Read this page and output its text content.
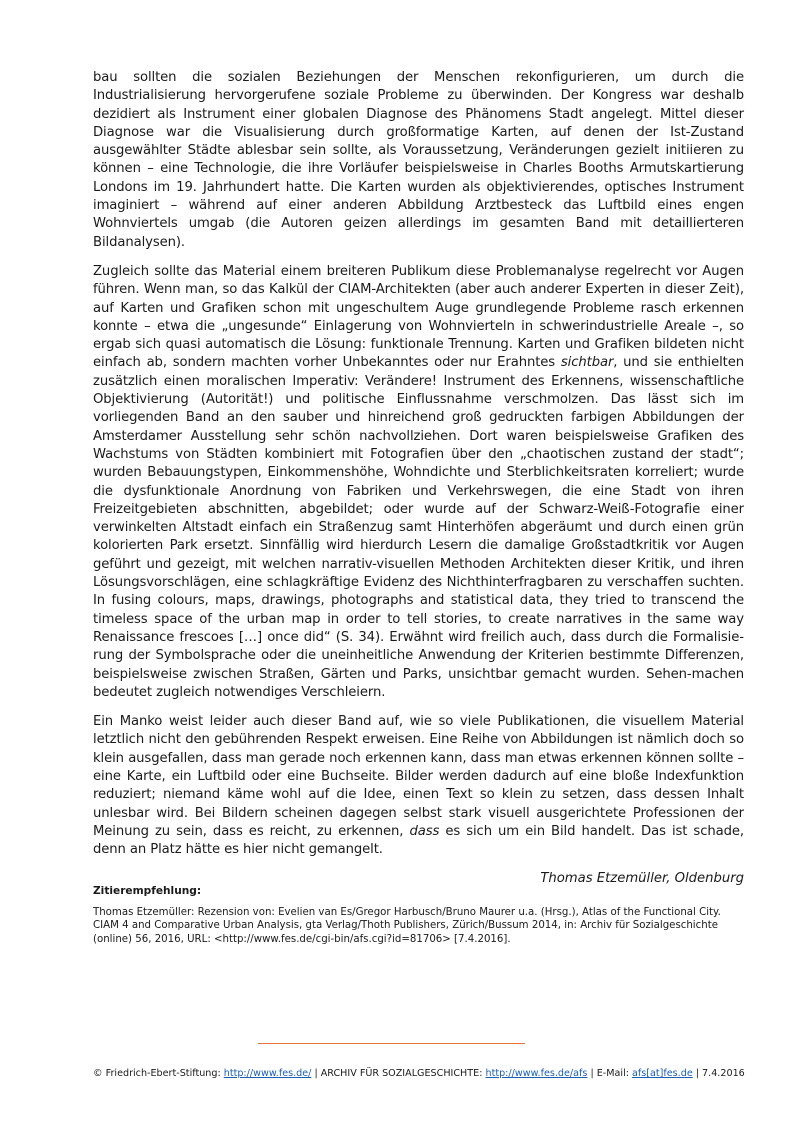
bau sollten die sozialen Beziehungen der Menschen rekonfigurieren, um durch die Industrialisierung hervorgerufene soziale Probleme zu überwinden. Der Kongress war deshalb dezidiert als Instrument einer globalen Diagnose des Phänomens Stadt angelegt. Mittel dieser Diagnose war die Visualisierung durch großformatige Karten, auf denen der Ist-Zustand ausgewählter Städte ablesbar sein sollte, als Voraussetzung, Veränderungen gezielt initiieren zu können – eine Technologie, die ihre Vorläufer beispielsweise in Charles Booths Armutskartierung Londons im 19. Jahrhundert hatte. Die Karten wurden als objektivierendes, optisches Instrument imaginiert – während auf einer anderen Abbildung Arztbesteck das Luftbild eines engen Wohnviertels umgab (die Autoren geizen allerdings im gesamten Band mit detaillierteren Bildanalysen).

Zugleich sollte das Material einem breiteren Publikum diese Problemanalyse regelrecht vor Augen führen. Wenn man, so das Kalkül der CIAM-Architekten (aber auch anderer Experten in dieser Zeit), auf Karten und Grafiken schon mit ungeschultem Auge grundlegende Probleme rasch erkennen konnte – etwa die „ungesunde“ Einlagerung von Wohnvierteln in schwerindustrielle Areale –, so ergab sich quasi automatisch die Lösung: funktionale Trennung. Karten und Grafiken bildeten nicht einfach ab, sondern machten vorher Unbekanntes oder nur Erahntes sichtbar, und sie enthielten zusätzlich einen moralischen Imperativ: Verändere! Instrument des Erkennens, wissenschaftliche Objektivierung (Autorität!) und politische Einflussnahme verschmolzen. Das lässt sich im vorliegenden Band an den sauber und hinreichend groß gedruckten farbigen Abbildungen der Amsterdamer Ausstellung sehr schön nachvollziehen. Dort waren beispielsweise Grafiken des Wachstums von Städten kombiniert mit Fotografien über den „chaotischen zustand der stadt“; wurden Bebauungstypen, Einkommenshöhe, Wohndichte und Sterblichkeitsraten korreliert; wurde die dysfunktionale Anordnung von Fabriken und Verkehrswegen, die eine Stadt von ihren Freizeitgebieten abschnitten, abgebildet; oder wurde auf der Schwarz-Weiß-Fotografie einer verwinkelten Altstadt einfach ein Straßenzug samt Hinterhöfen abgeräumt und durch einen grün kolorierten Park ersetzt. Sinnfällig wird hierdurch Lesern die damalige Großstadtkritik vor Augen geführt und gezeigt, mit welchen narrativ-visuellen Methoden Architekten dieser Kritik, und ihren Lösungsvorschlägen, eine schlagkräftige Evidenz des Nichthinterfragbaren zu verschaffen suchten. In fusing colours, maps, drawings, photographs and statistical data, they tried to transcend the timeless space of the urban map in order to tell stories, to create narratives in the same way Renaissance frescoes […] once did“ (S. 34). Erwähnt wird freilich auch, dass durch die Formalisierung der Symbolsprache oder die uneinheitliche Anwendung der Kriterien bestimmte Differenzen, beispielsweise zwischen Straßen, Gärten und Parks, unsichtbar gemacht wurden. Sehen-machen bedeutet zugleich notwendiges Verschleiern.

Ein Manko weist leider auch dieser Band auf, wie so viele Publikationen, die visuellem Material letztlich nicht den gebührenden Respekt erweisen. Eine Reihe von Abbildungen ist nämlich doch so klein ausgefallen, dass man gerade noch erkennen kann, dass man etwas erkennen können sollte – eine Karte, ein Luftbild oder eine Buchseite. Bilder werden dadurch auf eine bloße Indexfunktion reduziert; niemand käme wohl auf die Idee, einen Text so klein zu setzen, dass dessen Inhalt unlesbar wird. Bei Bildern scheinen dagegen selbst stark visuell ausgerichtete Professionen der Meinung zu sein, dass es reicht, zu erkennen, dass es sich um ein Bild handelt. Das ist schade, denn an Platz hätte es hier nicht gemangelt.

Thomas Etzemüller, Oldenburg

Zitierempfehlung:

Thomas Etzemüller: Rezension von: Evelien van Es/Gregor Harbusch/Bruno Maurer u.a. (Hrsg.), Atlas of the Functional City. CIAM 4 and Comparative Urban Analysis, gta Verlag/Thoth Publishers, Zürich/Bussum 2014, in: Archiv für Sozialgeschichte (online) 56, 2016, URL: <http://www.fes.de/cgi-bin/afs.cgi?id=81706> [7.4.2016].

© Friedrich-Ebert-Stiftung: http://www.fes.de/ | ARCHIV FÜR SOZIALGESCHICHTE: http://www.fes.de/afs | E-Mail: afs[at]fes.de | 7.4.2016
